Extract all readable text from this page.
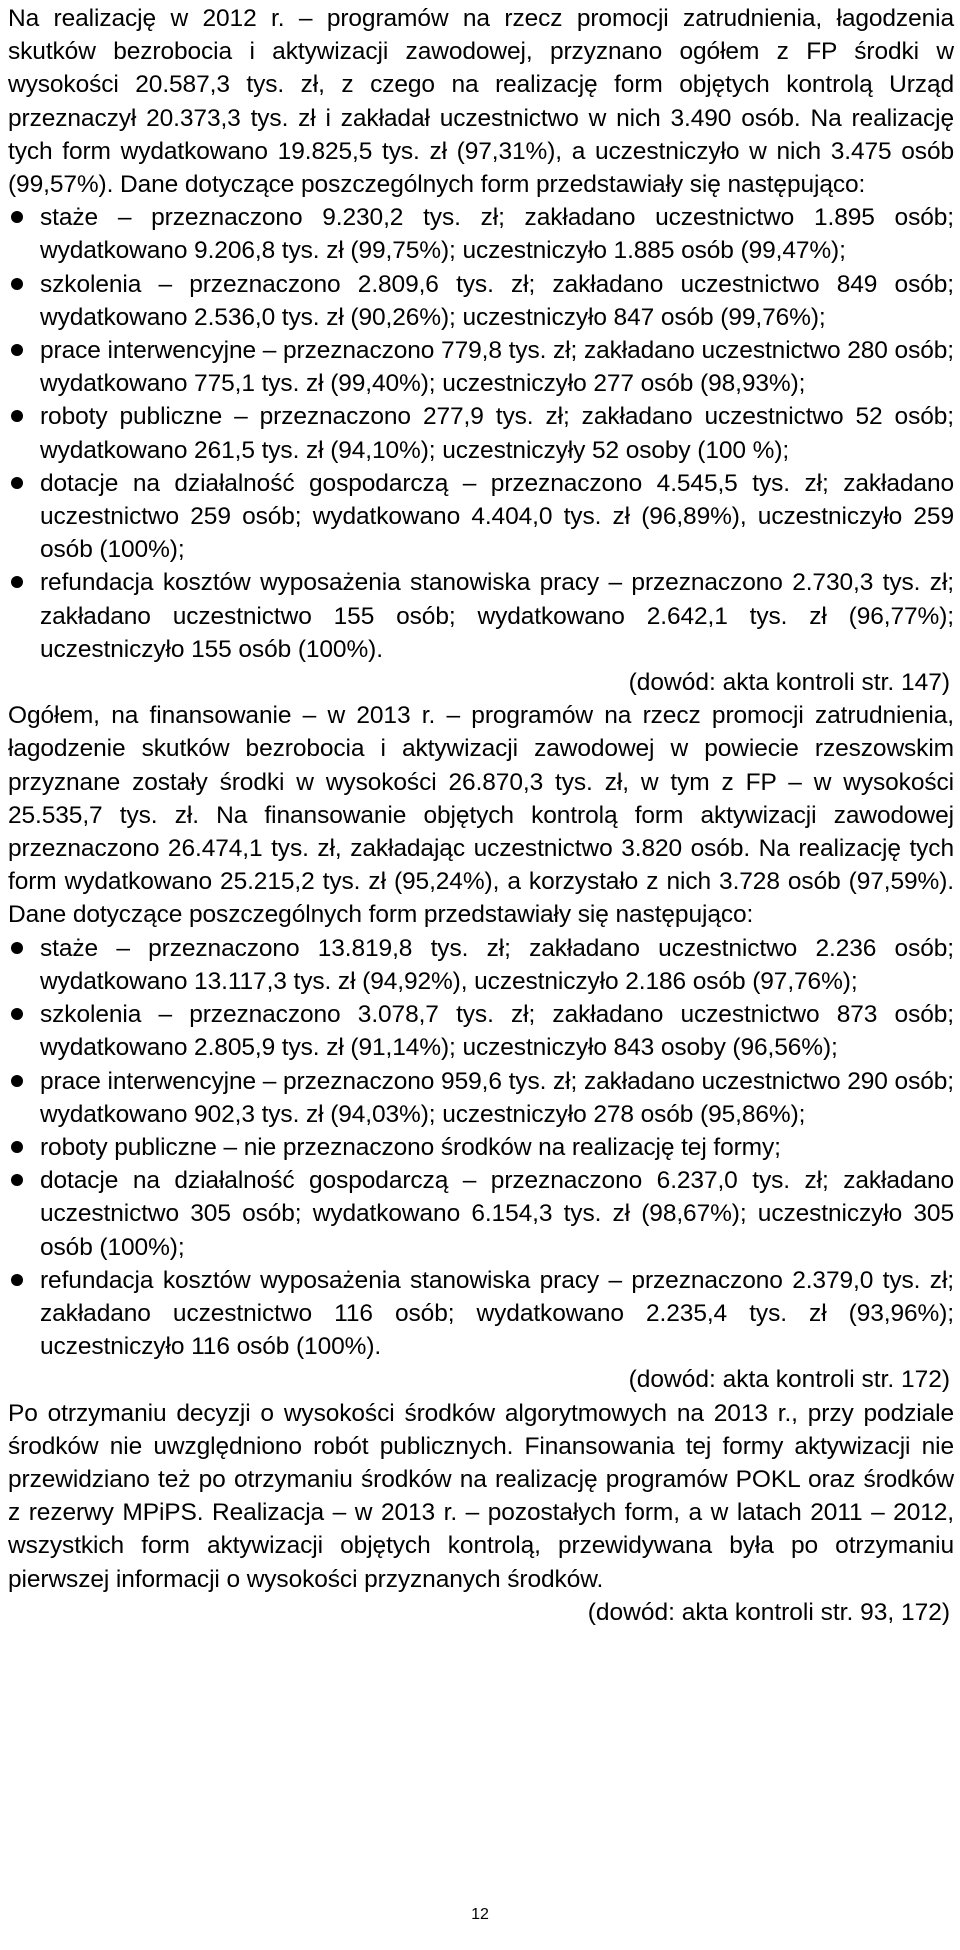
Na realizację w 2012 r. – programów na rzecz promocji zatrudnienia, łagodzenia skutków bezrobocia i aktywizacji zawodowej, przyznano ogółem z FP środki w wysokości 20.587,3 tys. zł, z czego na realizację form objętych kontrolą Urząd przeznaczył 20.373,3 tys. zł i zakładał uczestnictwo w nich 3.490 osób. Na realizację tych form wydatkowano 19.825,5 tys. zł (97,31%), a uczestniczyło w nich 3.475 osób (99,57%). Dane dotyczące poszczególnych form przedstawiały się następująco:

staże – przeznaczono 9.230,2 tys. zł; zakładano uczestnictwo 1.895 osób; wydatkowano 9.206,8 tys. zł (99,75%); uczestniczyło 1.885 osób (99,47%);
szkolenia – przeznaczono 2.809,6 tys. zł; zakładano uczestnictwo 849 osób; wydatkowano 2.536,0 tys. zł (90,26%); uczestniczyło 847 osób (99,76%);
prace interwencyjne – przeznaczono 779,8 tys. zł; zakładano uczestnictwo 280 osób; wydatkowano 775,1 tys. zł (99,40%); uczestniczyło 277 osób (98,93%);
roboty publiczne – przeznaczono 277,9 tys. zł; zakładano uczestnictwo 52 osób; wydatkowano 261,5 tys. zł (94,10%); uczestniczyły 52 osoby (100 %);
dotacje na działalność gospodarczą – przeznaczono 4.545,5 tys. zł; zakładano uczestnictwo 259 osób; wydatkowano 4.404,0 tys. zł (96,89%), uczestniczyło 259 osób (100%);
refundacja kosztów wyposażenia stanowiska pracy – przeznaczono 2.730,3 tys. zł; zakładano uczestnictwo 155 osób; wydatkowano 2.642,1 tys. zł (96,77%); uczestniczyło 155 osób (100%).

(dowód: akta kontroli str. 147)

Ogółem, na finansowanie – w 2013 r. – programów na rzecz promocji zatrudnienia, łagodzenie skutków bezrobocia i aktywizacji zawodowej w powiecie rzeszowskim przyznane zostały środki w wysokości 26.870,3 tys. zł, w tym z FP – w wysokości 25.535,7 tys. zł. Na finansowanie objętych kontrolą form aktywizacji zawodowej przeznaczono 26.474,1 tys. zł, zakładając uczestnictwo 3.820 osób. Na realizację tych form wydatkowano 25.215,2 tys. zł (95,24%), a korzystało z nich 3.728 osób (97,59%). Dane dotyczące poszczególnych form przedstawiały się następująco:

staże – przeznaczono 13.819,8 tys. zł; zakładano uczestnictwo 2.236 osób; wydatkowano 13.117,3 tys. zł (94,92%), uczestniczyło 2.186 osób (97,76%);
szkolenia – przeznaczono 3.078,7 tys. zł; zakładano uczestnictwo 873 osób; wydatkowano 2.805,9 tys. zł (91,14%); uczestniczyło 843 osoby (96,56%);
prace interwencyjne – przeznaczono 959,6 tys. zł; zakładano uczestnictwo 290 osób; wydatkowano 902,3 tys. zł (94,03%); uczestniczyło 278 osób (95,86%);
roboty publiczne – nie przeznaczono środków na realizację tej formy;
dotacje na działalność gospodarczą – przeznaczono 6.237,0 tys. zł; zakładano uczestnictwo 305 osób; wydatkowano 6.154,3 tys. zł (98,67%); uczestniczyło 305 osób (100%);
refundacja kosztów wyposażenia stanowiska pracy – przeznaczono 2.379,0 tys. zł; zakładano uczestnictwo 116 osób; wydatkowano 2.235,4 tys. zł (93,96%); uczestniczyło 116 osób (100%).

(dowód: akta kontroli str. 172)

Po otrzymaniu decyzji o wysokości środków algorytmowych na 2013 r., przy podziale środków nie uwzględniono robót publicznych. Finansowania tej formy aktywizacji nie przewidziano też po otrzymaniu środków na realizację programów POKL oraz środków z rezerwy MPiPS. Realizacja – w 2013 r. – pozostałych form, a w latach 2011 – 2012, wszystkich form aktywizacji objętych kontrolą, przewidywana była po otrzymaniu pierwszej informacji o wysokości przyznanych środków.

(dowód: akta kontroli str. 93, 172)

12
